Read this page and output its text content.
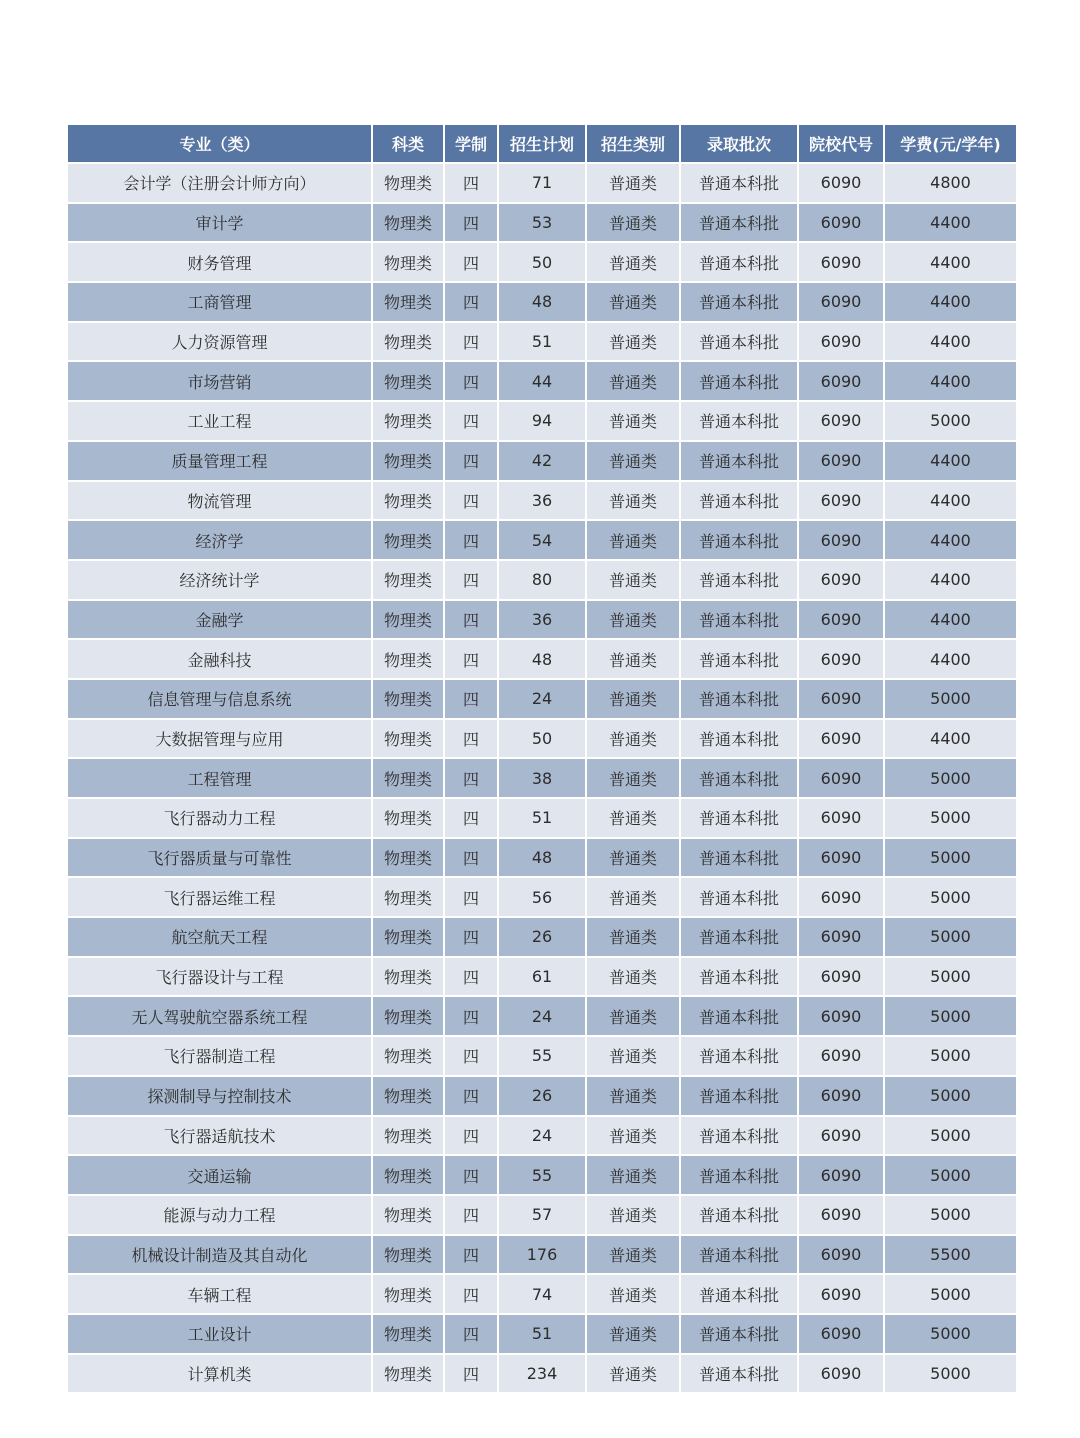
专业（类）	科类	学制	招生计划	招生类别	录取批次	院校代号	学费(元/学年)
会计学（注册会计师方向）	物理类	四	71	普通类	普通本科批	6090	4800
审计学	物理类	四	53	普通类	普通本科批	6090	4400
财务管理	物理类	四	50	普通类	普通本科批	6090	4400
工商管理	物理类	四	48	普通类	普通本科批	6090	4400
人力资源管理	物理类	四	51	普通类	普通本科批	6090	4400
市场营销	物理类	四	44	普通类	普通本科批	6090	4400
工业工程	物理类	四	94	普通类	普通本科批	6090	5000
质量管理工程	物理类	四	42	普通类	普通本科批	6090	4400
物流管理	物理类	四	36	普通类	普通本科批	6090	4400
经济学	物理类	四	54	普通类	普通本科批	6090	4400
经济统计学	物理类	四	80	普通类	普通本科批	6090	4400
金融学	物理类	四	36	普通类	普通本科批	6090	4400
金融科技	物理类	四	48	普通类	普通本科批	6090	4400
信息管理与信息系统	物理类	四	24	普通类	普通本科批	6090	5000
大数据管理与应用	物理类	四	50	普通类	普通本科批	6090	4400
工程管理	物理类	四	38	普通类	普通本科批	6090	5000
飞行器动力工程	物理类	四	51	普通类	普通本科批	6090	5000
飞行器质量与可靠性	物理类	四	48	普通类	普通本科批	6090	5000
飞行器运维工程	物理类	四	56	普通类	普通本科批	6090	5000
航空航天工程	物理类	四	26	普通类	普通本科批	6090	5000
飞行器设计与工程	物理类	四	61	普通类	普通本科批	6090	5000
无人驾驶航空器系统工程	物理类	四	24	普通类	普通本科批	6090	5000
飞行器制造工程	物理类	四	55	普通类	普通本科批	6090	5000
探测制导与控制技术	物理类	四	26	普通类	普通本科批	6090	5000
飞行器适航技术	物理类	四	24	普通类	普通本科批	6090	5000
交通运输	物理类	四	55	普通类	普通本科批	6090	5000
能源与动力工程	物理类	四	57	普通类	普通本科批	6090	5000
机械设计制造及其自动化	物理类	四	176	普通类	普通本科批	6090	5500
车辆工程	物理类	四	74	普通类	普通本科批	6090	5000
工业设计	物理类	四	51	普通类	普通本科批	6090	5000
计算机类	物理类	四	234	普通类	普通本科批	6090	5000
